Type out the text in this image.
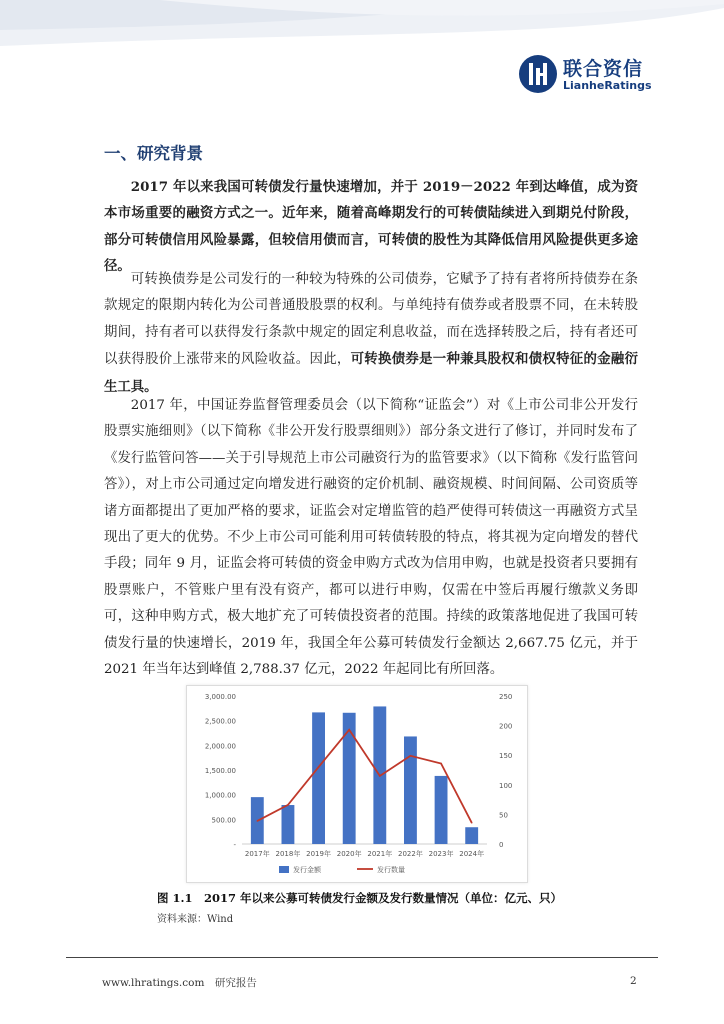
联合资信
LianheRatings
一、研究背景

2017 年以来我国可转债发行量快速增加，并于 2019－2022 年到达峰值，成为资本市场重要的融资方式之一。近年来，随着高峰期发行的可转债陆续进入到期兑付阶段，部分可转债信用风险暴露，但较信用债而言，可转债的股性为其降低信用风险提供更多途径。

可转换债券是公司发行的一种较为特殊的公司债券，它赋予了持有者将所持债券在条款规定的限期内转化为公司普通股股票的权利。与单纯持有债券或者股票不同，在未转股期间，持有者可以获得发行条款中规定的固定利息收益，而在选择转股之后，持有者还可以获得股价上涨带来的风险收益。因此，可转换债券是一种兼具股权和债权特征的金融衍生工具。

2017 年，中国证券监督管理委员会（以下简称“证监会”）对《上市公司非公开发行股票实施细则》（以下简称《非公开发行股票细则》）部分条文进行了修订，并同时发布了《发行监管问答——关于引导规范上市公司融资行为的监管要求》（以下简称《发行监管问答》），对上市公司通过定向增发进行融资的定价机制、融资规模、时间间隔、公司资质等诸方面都提出了更加严格的要求，证监会对定增监管的趋严使得可转债这一再融资方式呈现出了更大的优势。不少上市公司可能利用可转债转股的特点，将其视为定向增发的替代手段；同年 9 月，证监会将可转债的资金申购方式改为信用申购，也就是投资者只要拥有股票账户，不管账户里有没有资产，都可以进行申购，仅需在中签后再履行缴款义务即可，这种申购方式，极大地扩充了可转债投资者的范围。持续的政策落地促进了我国可转债发行量的快速增长，2019 年，我国全年公募可转债发行金额达 2,667.75 亿元，并于 2021 年当年达到峰值 2,788.37 亿元，2022 年起同比有所回落。

-
500.00
1,000.00
1,500.00
2,000.00
2,500.00
3,000.00
0
50
100
150
200
250
2017年 2018年 2019年 2020年 2021年 2022年 2023年 2024年
发行金额	发行数量
图 1.1　2017 年以来公募可转债发行金额及发行数量情况（单位：亿元、只）
资料来源：Wind
www.lhratings.com　研究报告	2
